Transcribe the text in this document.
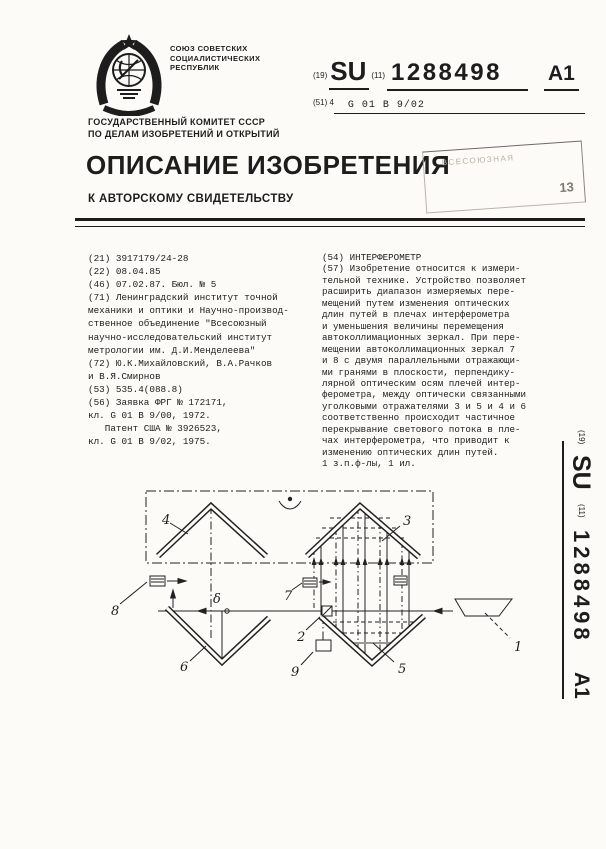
СОЮЗ СОВЕТСКИХ
СОЦИАЛИСТИЧЕСКИХ
РЕСПУБЛИК
(19) SU (11) 1288498	A1
(51) 4	G 01 B 9/02
ГОСУДАРСТВЕННЫЙ КОМИТЕТ СССР
ПО ДЕЛАМ ИЗОБРЕТЕНИЙ И ОТКРЫТИЙ
ОПИСАНИЕ ИЗОБРЕТЕНИЯ
К АВТОРСКОМУ СВИДЕТЕЛЬСТВУ
ВСЕСОЮЗНАЯ
13
(21) 3917179/24-28
(22) 08.04.85
(46) 07.02.87. Бюл. № 5
(71) Ленинградский институт точной
механики и оптики и Научно-производ-
ственное объединение "Всесоюзный
научно-исследовательский институт
метрологии им. Д.И.Менделеева"
(72) Ю.К.Михайловский, В.А.Рачков
и В.Я.Смирнов
(53) 535.4(088.8)
(56) Заявка ФРГ № 172171,
кл. G 01 B 9/00, 1972.
Патент США № 3926523,
кл. G 01 B 9/02, 1975.
(54) ИНТЕРФЕРОМЕТР
(57) Изобретение относится к измери-
тельной технике. Устройство позволяет
расширить диапазон измеряемых пере-
мещений путем изменения оптических
длин путей в плечах интерферометра
и уменьшения величины перемещения
автоколлимационных зеркал. При пере-
мещении автоколлимационных зеркал 7
и 8 с двумя параллельными отражающи-
ми гранями в плоскости, перпендику-
лярной оптическим осям плечей интер-
ферометра, между оптически связанными
уголковыми отражателями 3 и 5 и 4 и 6
соответственно происходит частичное
перекрывание светового потока в пле-
чах интерферометра, что приводит к
изменению оптических длин путей.
1 з.п.ф-лы, 1 ил.
(19) SU (11) 1288498 A1
4	3
6	5
8
δ	7
2
9
1
